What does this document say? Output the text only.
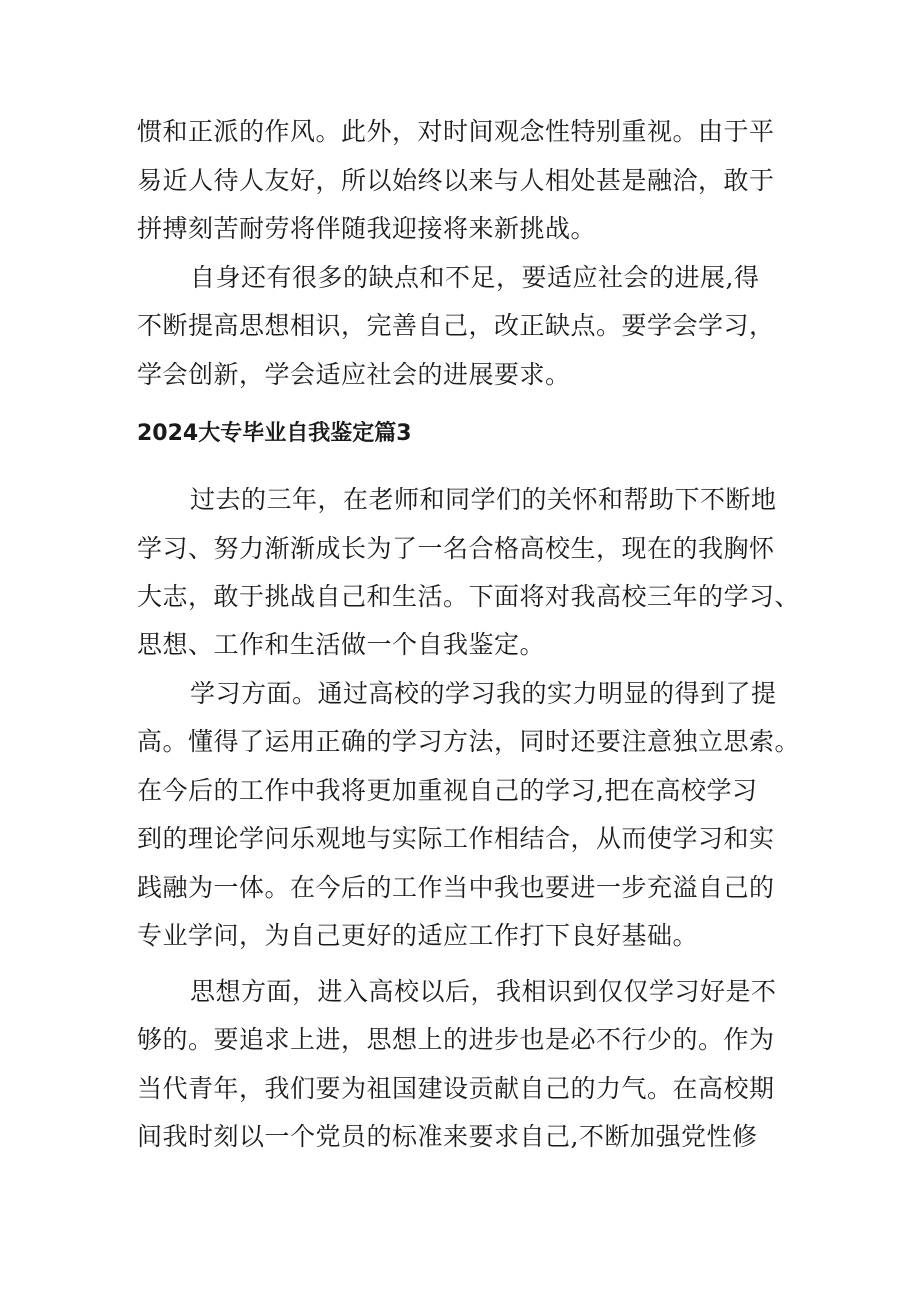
惯和正派的作风。此外，对时间观念性特别重视。由于平
易近人待人友好，所以始终以来与人相处甚是融洽，敢于
拼搏刻苦耐劳将伴随我迎接将来新挑战。
自身还有很多的缺点和不足，要适应社会的进展,得
不断提高思想相识，完善自己，改正缺点。要学会学习，
学会创新，学会适应社会的进展要求。
2024大专毕业自我鉴定篇3
过去的三年，在老师和同学们的关怀和帮助下不断地
学习、努力渐渐成长为了一名合格高校生，现在的我胸怀
大志，敢于挑战自己和生活。下面将对我高校三年的学习、
思想、工作和生活做一个自我鉴定。
学习方面。通过高校的学习我的实力明显的得到了提
高。懂得了运用正确的学习方法，同时还要注意独立思索。
在今后的工作中我将更加重视自己的学习,把在高校学习
到的理论学问乐观地与实际工作相结合，从而使学习和实
践融为一体。在今后的工作当中我也要进一步充溢自己的
专业学问，为自己更好的适应工作打下良好基础。
思想方面，进入高校以后，我相识到仅仅学习好是不
够的。要追求上进，思想上的进步也是必不行少的。作为
当代青年，我们要为祖国建设贡献自己的力气。在高校期
间我时刻以一个党员的标准来要求自己,不断加强党性修
